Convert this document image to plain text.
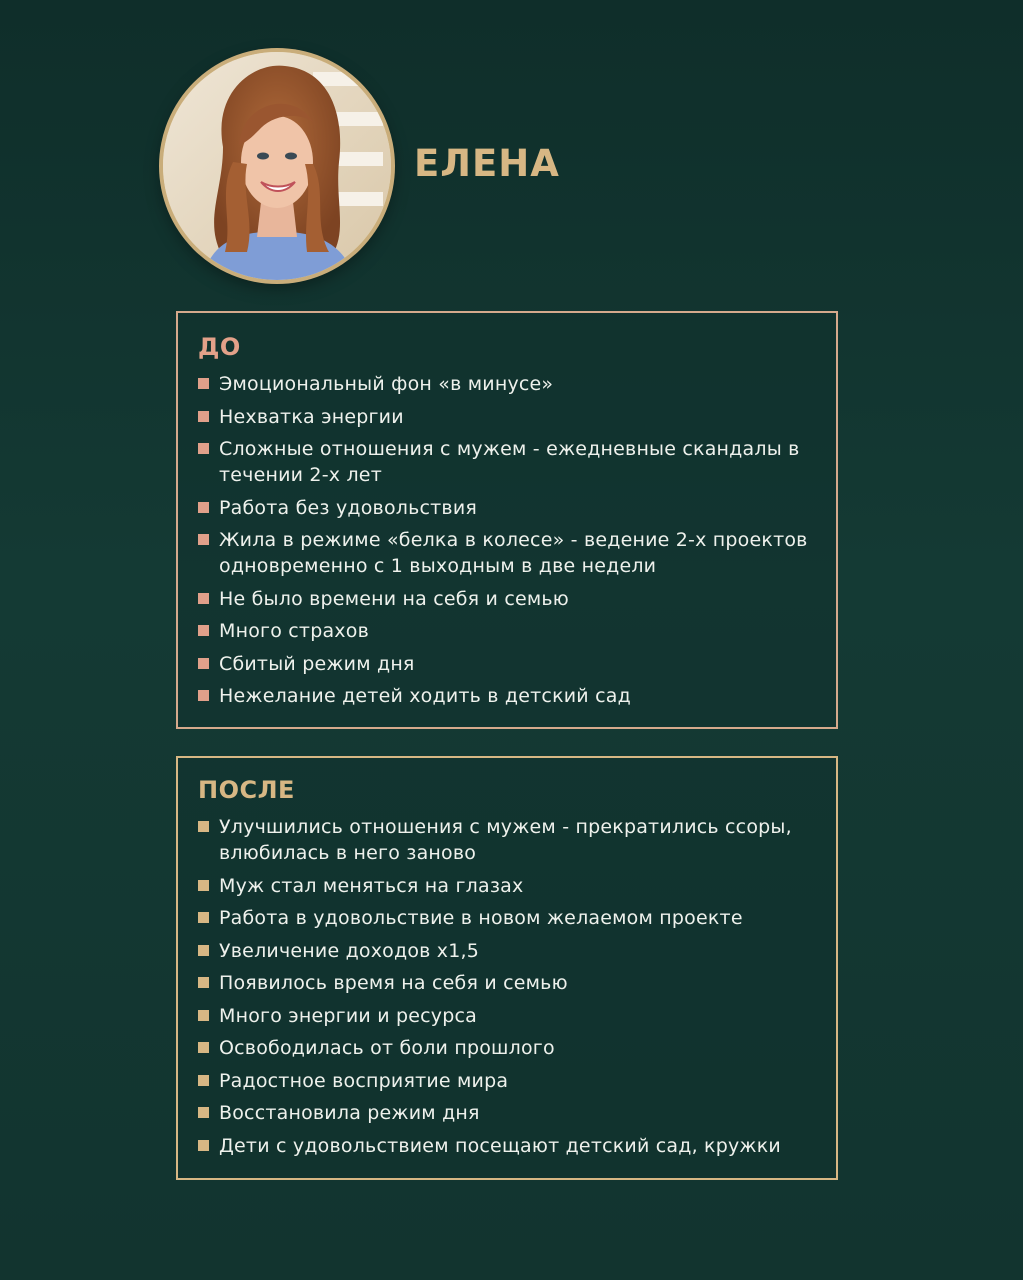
ЕЛЕНА
ДО
Эмоциональный фон «в минусе»
Нехватка энергии
Сложные отношения с мужем - ежедневные скандалы в течении 2-х лет
Работа без удовольствия
Жила в режиме «белка в колесе» - ведение 2-х проектов одновременно с 1 выходным в две недели
Не было времени на себя и семью
Много страхов
Сбитый режим дня
Нежелание детей ходить в детский сад
ПОСЛЕ
Улучшились отношения с мужем - прекратились ссоры, влюбилась в него заново
Муж стал меняться на глазах
Работа в удовольствие в новом желаемом проекте
Увеличение доходов х1,5
Появилось время на себя и семью
Много энергии и ресурса
Освободилась от боли прошлого
Радостное восприятие мира
Восстановила режим дня
Дети с удовольствием посещают детский сад, кружки
